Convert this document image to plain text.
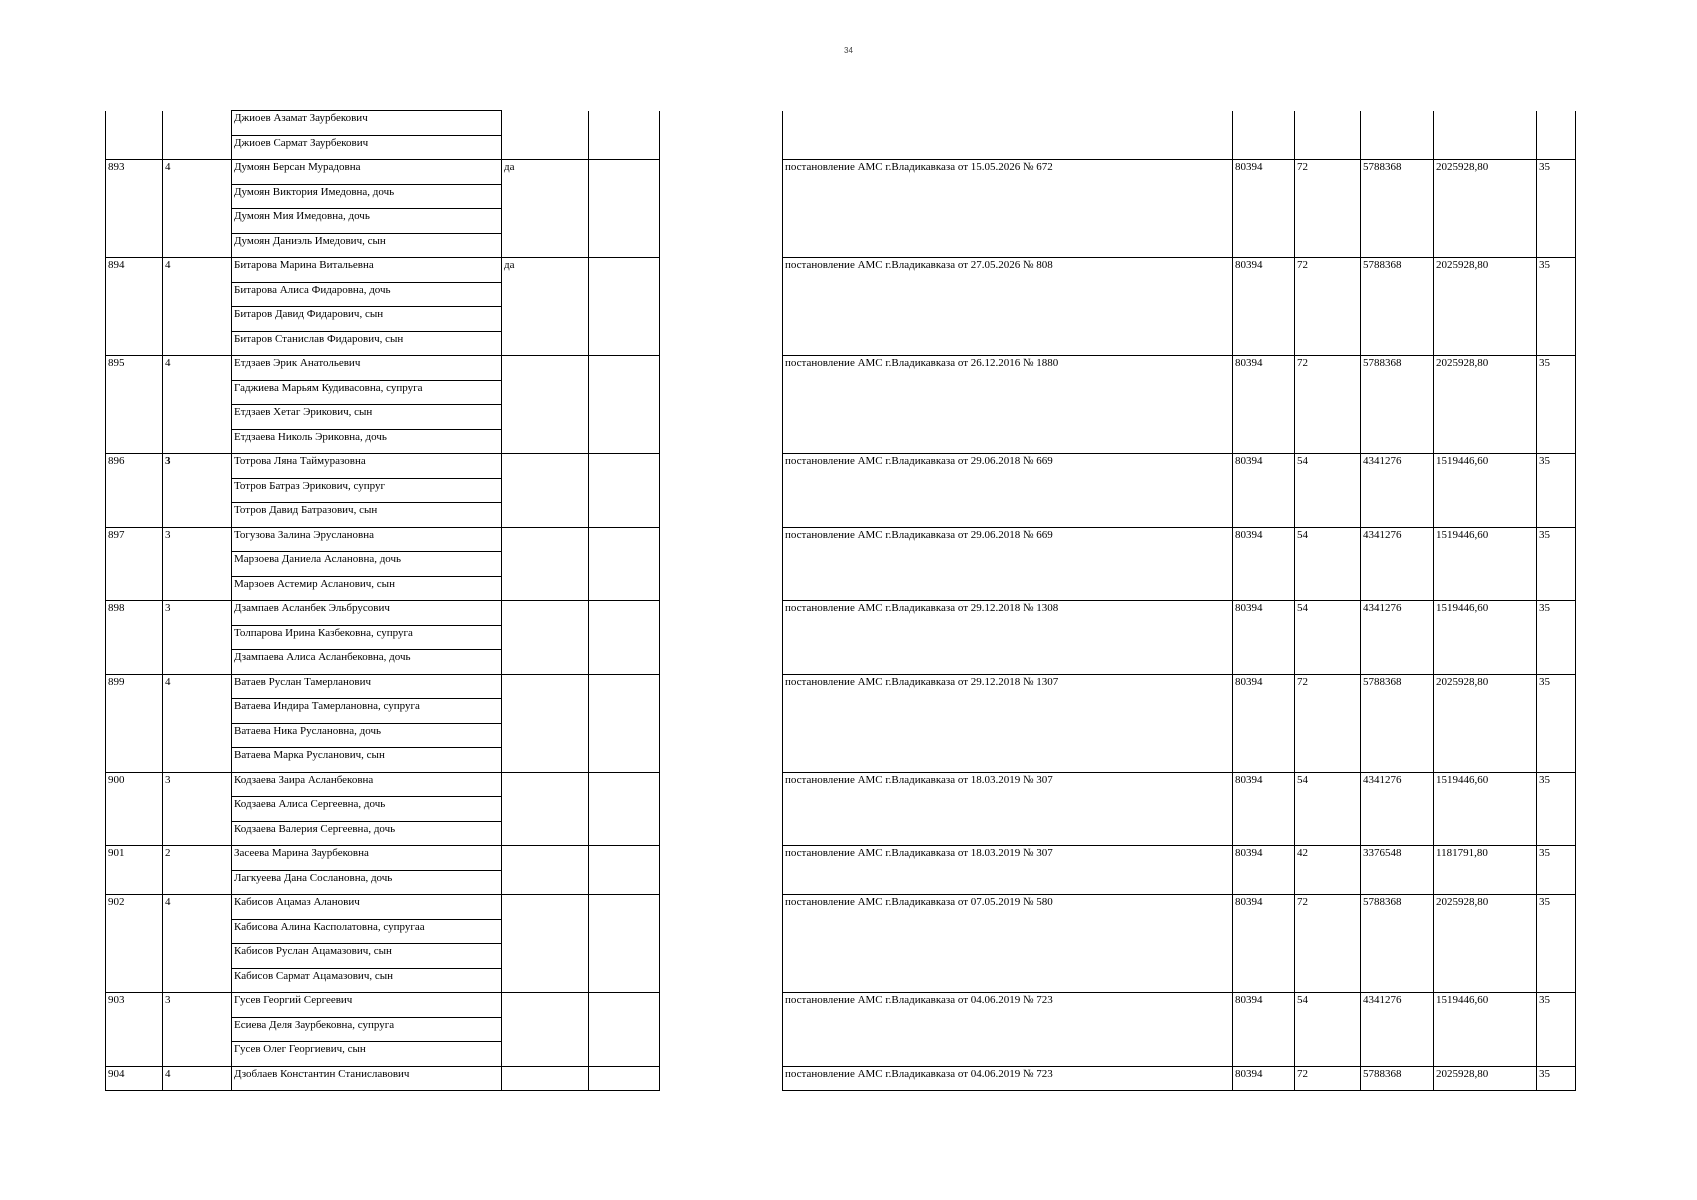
34
		Джиоев Азамат Заурбекович									
		Джиоев Сармат Заурбекович									
893	4	Думоян Берсан Мурадовна	да			постановление АМС г.Владикавказа от 15.05.2026 № 672	80394	72	5788368	2025928,80	35
		Думоян Виктория Имедовна, дочь									
		Думоян Мия Имедовна, дочь									
		Думоян Даниэль Имедович, сын									
894	4	Битарова Марина Витальевна	да			постановление АМС г.Владикавказа от 27.05.2026 № 808	80394	72	5788368	2025928,80	35
		Битарова Алиса Фидаровна, дочь									
		Битаров Давид Фидарович, сын									
		Битаров Станислав Фидарович, сын									
895	4	Етдзаев Эрик Анатольевич				постановление АМС г.Владикавказа от 26.12.2016 № 1880	80394	72	5788368	2025928,80	35
		Гаджиева Марьям Кудивасовна, супруга									
		Етдзаев Хетаг Эрикович, сын									
		Етдзаева Николь Эриковна, дочь									
896	3	Тотрова Ляна Таймуразовна				постановление АМС г.Владикавказа от 29.06.2018 № 669	80394	54	4341276	1519446,60	35
		Тотров Батраз Эрикович, супруг									
		Тотров Давид Батразович, сын									
897	3	Тогузова Залина Эруслановна				постановление АМС г.Владикавказа от 29.06.2018 № 669	80394	54	4341276	1519446,60	35
		Марзоева Даниела Аслановна, дочь									
		Марзоев Астемир Асланович, сын									
898	3	Дзампаев Асланбек Эльбрусович				постановление АМС г.Владикавказа от 29.12.2018 № 1308	80394	54	4341276	1519446,60	35
		Толпарова Ирина Казбековна, супруга									
		Дзампаева Алиса Асланбековна, дочь									
899	4	Ватаев Руслан Тамерланович				постановление АМС г.Владикавказа от 29.12.2018 № 1307	80394	72	5788368	2025928,80	35
		Ватаева Индира Тамерлановна, супруга									
		Ватаева Ника Руслановна, дочь									
		Ватаева Марка Русланович, сын									
900	3	Кодзаева Заира Асланбековна				постановление АМС г.Владикавказа от 18.03.2019 № 307	80394	54	4341276	1519446,60	35
		Кодзаева Алиса Сергеевна, дочь									
		Кодзаева Валерия Сергеевна, дочь									
901	2	Засеева Марина Заурбековна				постановление АМС г.Владикавказа от 18.03.2019 № 307	80394	42	3376548	1181791,80	35
		Лагкуеева Дана Сослановна, дочь									
902	4	Кабисов Ацамаз Аланович				постановление АМС г.Владикавказа от 07.05.2019 № 580	80394	72	5788368	2025928,80	35
		Кабисова Алина Касполатовна, супругаа									
		Кабисов Руслан Ацамазович, сын									
		Кабисов Сармат Ацамазович, сын									
903	3	Гусев Георгий Сергеевич				постановление АМС г.Владикавказа от 04.06.2019 № 723	80394	54	4341276	1519446,60	35
		Есиева Деля Заурбековна, супруга									
		Гусев Олег Георгиевич, сын									
904	4	Дзоблаев Константин Станиславович				постановление АМС г.Владикавказа от 04.06.2019 № 723	80394	72	5788368	2025928,80	35
